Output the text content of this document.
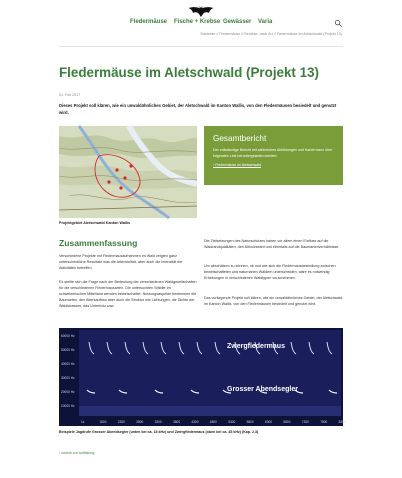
Fledermäuse Fische + Krebse Gewässer Varia
Startseite // Fledermäuse // Berichte, nach Art // Fledermäuse im Aletschwald (Projekt 13)
Fledermäuse im Aletschwald (Projekt 13)
01. Feb 2017

Dieses Projekt soll klären, wie ein unwaldähnliches Gebiet, der Aletschwald im Kanton Wallis, von den Fledermäusen besiedelt und genutzt wird.

Projektgebiet Aletschwald Kanton Wallis
Gesamtbericht
Der vollständige Bericht mit zahlreichen Abbildungen und Karten kann über folgenden Link heruntergeladen werden:
› Fledermäuse im Aletschwald
Zusammenfassung

Verschiedene Projekte mit Fledermausaufnahmen im Wald zeigten ganz unterschiedliche Resultate was die Artenvielfalt, aber auch die Intensität der Aktivitäten betreffen.

Es stellte sich die Frage nach der Bedeutung der verschiedenen Waldgesellschaften für die verschiedenen Fledermausarten. Die untersuchten Wälder im schweizerischen Mittelland wenden bewirtschaftet. Nutzungsaspekte bestimmen die Baumarten, den Altersaufbau aber auch die Struktur wie Lichtungen, die Dichte der Waldstrassen, das Unterholz usw.

Die Zielsetzungen des Naturschutzes haben vor allem einen Einfluss auf die Waldrandqualitäten, den Altholzanteil und ebenfalls auf die Baumartenverhältnisse.

Um abschätzen zu können, ob und wie sich die Fledermausbesiedlung zwischen bewirtschafteten und naturnahen Wäldern unterscheiden, wäre es notwendig Erhebungen in verschiedenen Waldtypen vorzunehmen.

Das vorliegende Projekt soll klären, wie ein unwaldähnliches Gebiet, der Aletschwald im Kanton Wallis, von den Fledermäusen besiedelt und genutzt wird.

60000 Hz
50000 Hz
40000 Hz
30000 Hz
20000 Hz
10000 Hz
1s	1800	2300	2800	3300	3800	4300	4800	5300	5800	6300	6800	7300	7800	8300
Zwergfledermaus
Grosser Abendsegler
Beispiele Jagdrufe Grosser Abendsegler (unten bei ca. 18 kHz) und Zwergfledermaus (oben bei ca. 45 kHz) (Kap. 2.3)
‹ zurück zur Auflistung
